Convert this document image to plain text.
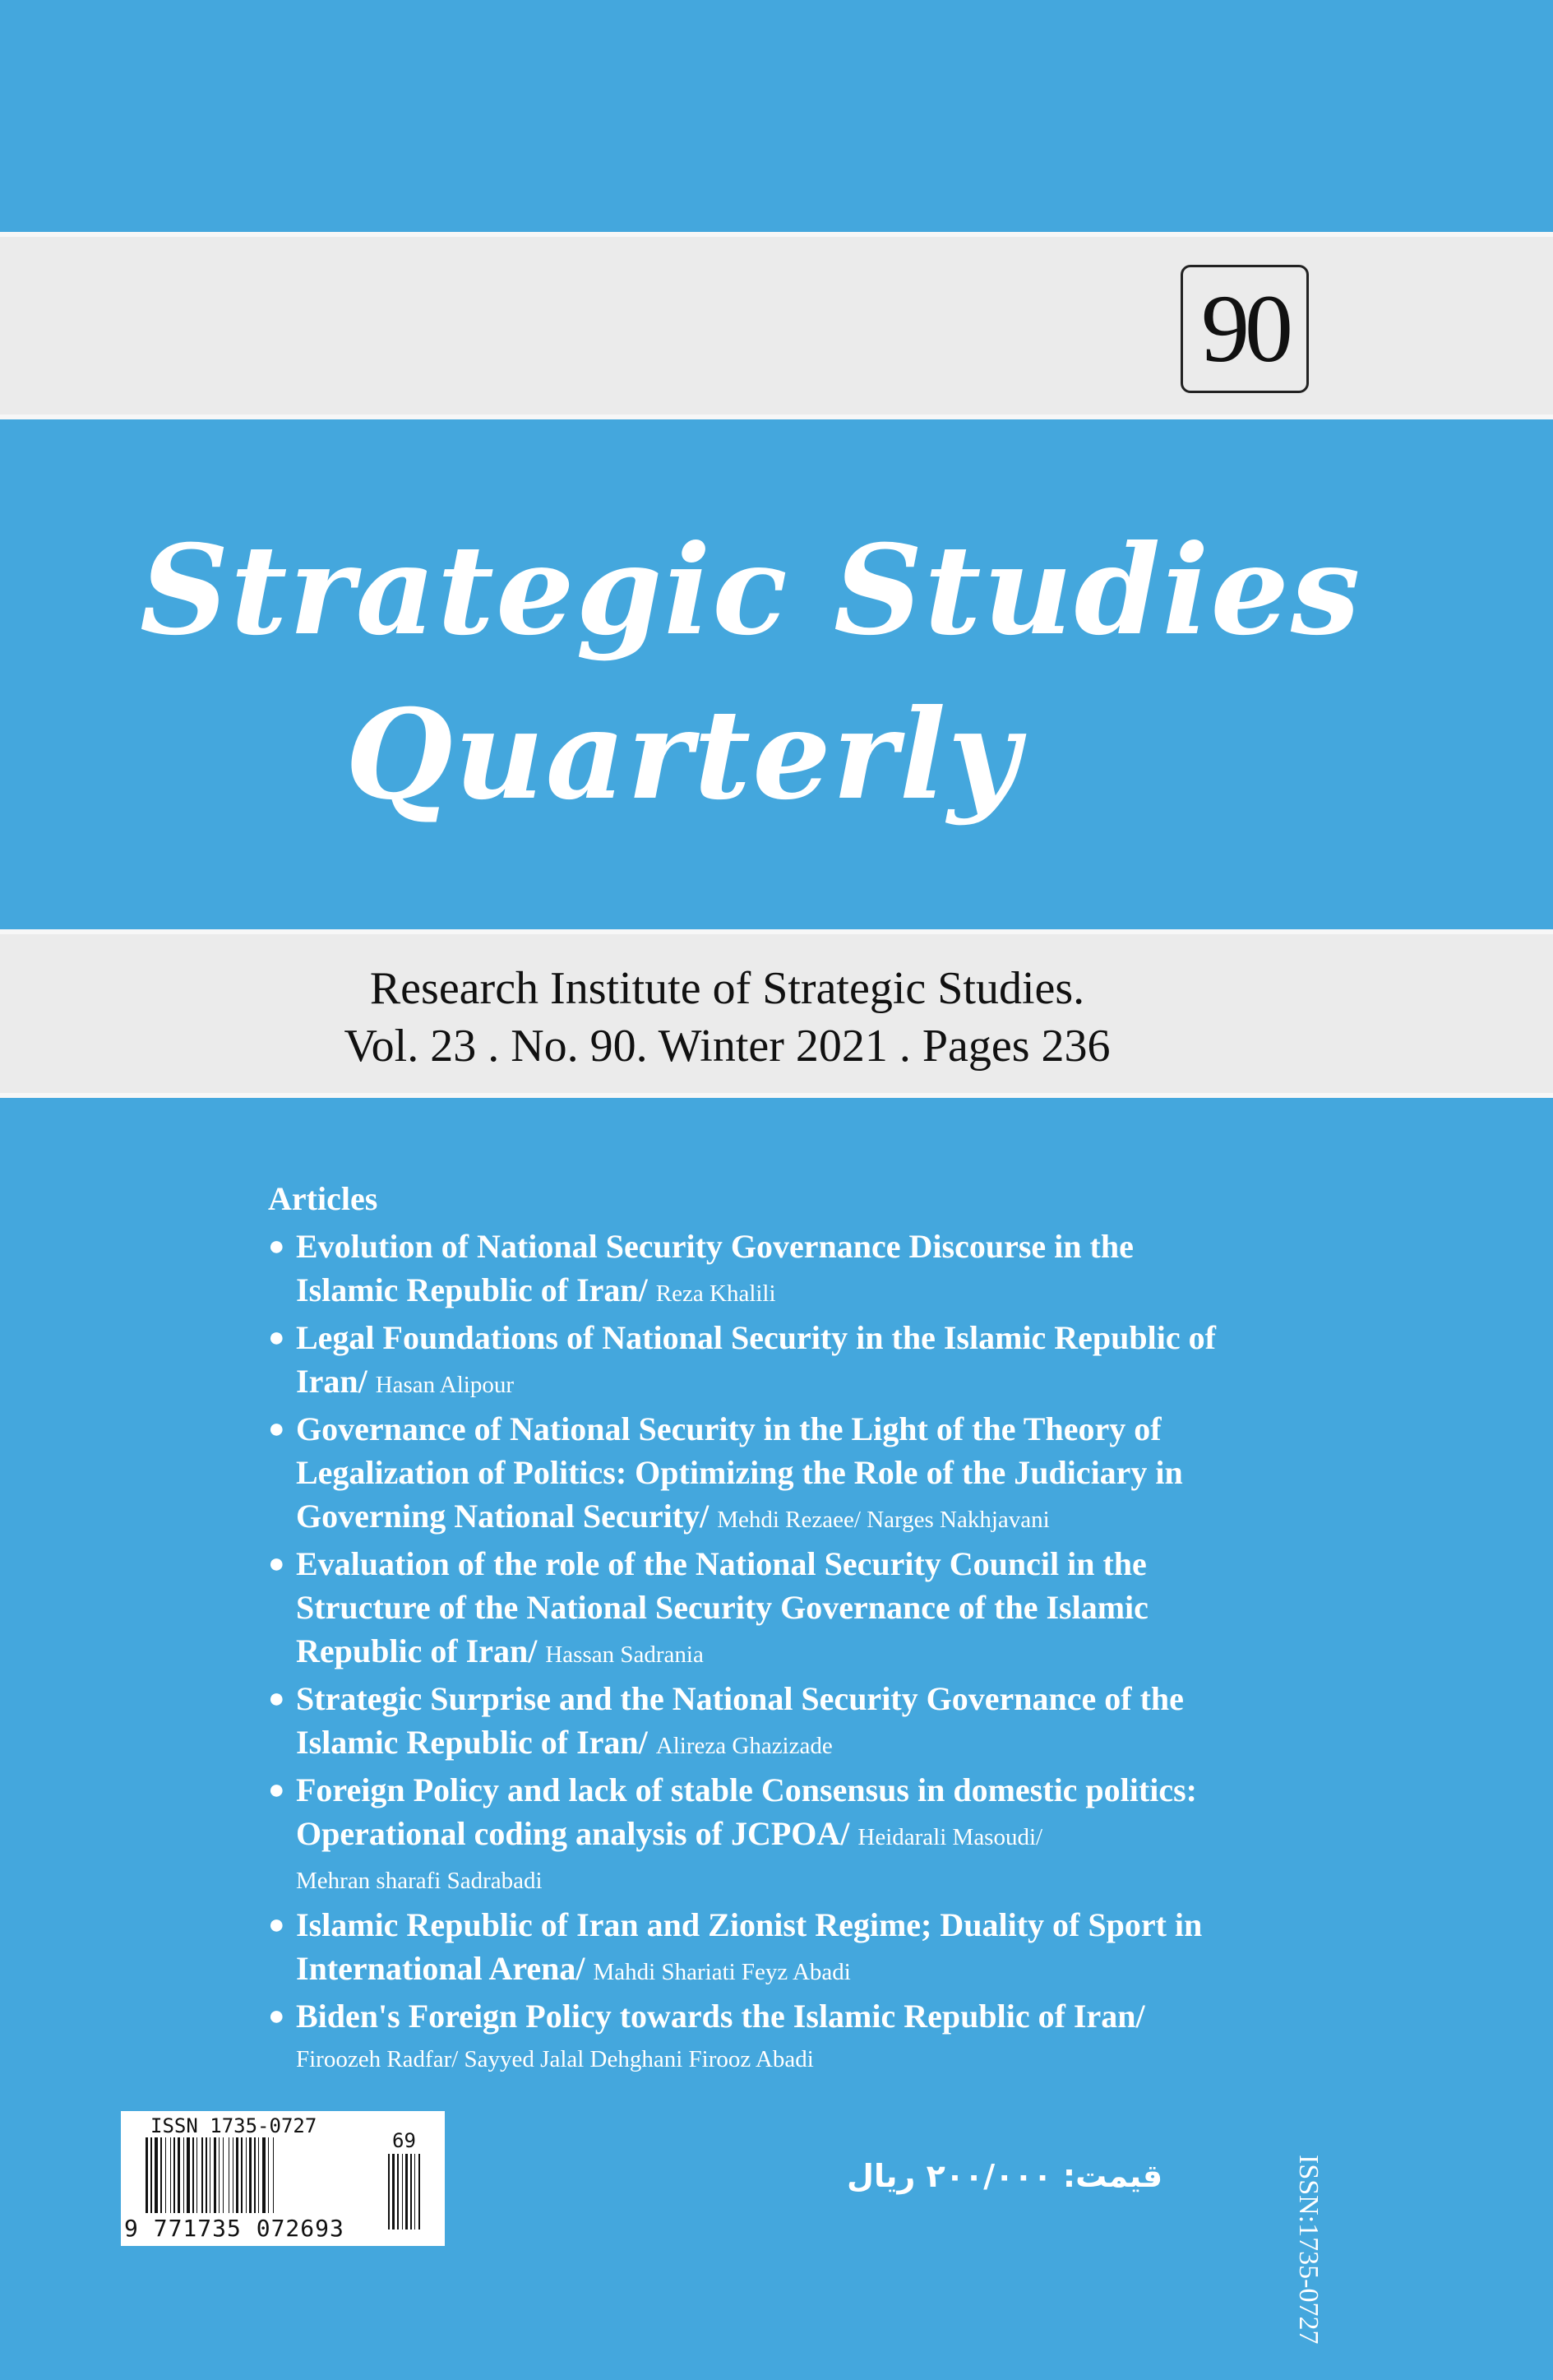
90
Strategic Studies
Quarterly
Research Institute of Strategic Studies.
Vol. 23 . No. 90. Winter 2021 . Pages 236
Articles
● Evolution of National Security Governance Discourse in the
Islamic Republic of Iran/ Reza Khalili
● Legal Foundations of National Security in the Islamic Republic of
Iran/ Hasan Alipour
● Governance of National Security in the Light of the Theory of
Legalization of Politics: Optimizing the Role of the Judiciary in
Governing National Security/ Mehdi Rezaee/ Narges Nakhjavani
● Evaluation of the role of the National Security Council in the
Structure of the National Security Governance of the Islamic
Republic of Iran/ Hassan Sadrania
● Strategic Surprise and the National Security Governance of the
Islamic Republic of Iran/ Alireza Ghazizade
● Foreign Policy and lack of stable Consensus in domestic politics:
Operational coding analysis of JCPOA/ Heidarali Masoudi/
Mehran sharafi Sadrabadi
● Islamic Republic of Iran and Zionist Regime; Duality of Sport in
International Arena/ Mahdi Shariati Feyz Abadi
● Biden's Foreign Policy towards the Islamic Republic of Iran/
Firoozeh Radfar/ Sayyed Jalal Dehghani Firooz Abadi
ISSN 1735-0727
69
9 771735 072693
قیمت: ۲۰۰/۰۰۰ ریال	ISSN:1735-0727
